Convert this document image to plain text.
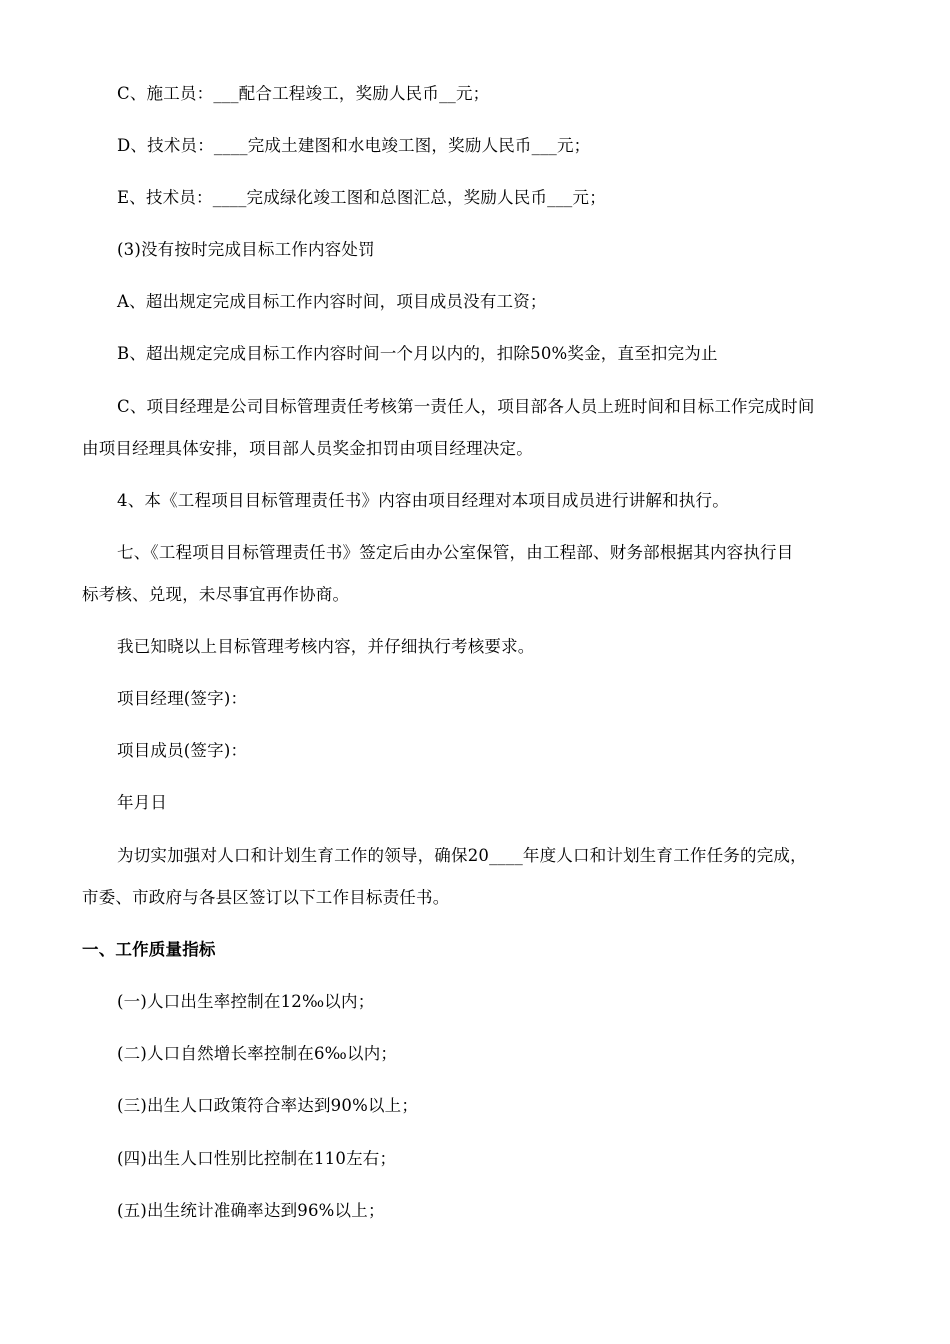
C、施工员：___配合工程竣工，奖励人民币__元；
D、技术员：____完成土建图和水电竣工图，奖励人民币___元；
E、技术员：____完成绿化竣工图和总图汇总，奖励人民币___元；
(3)没有按时完成目标工作内容处罚
A、超出规定完成目标工作内容时间，项目成员没有工资；
B、超出规定完成目标工作内容时间一个月以内的，扣除50%奖金，直至扣完为止
C、项目经理是公司目标管理责任考核第一责任人，项目部各人员上班时间和目标工作完成时间
由项目经理具体安排，项目部人员奖金扣罚由项目经理决定。
4、本《工程项目目标管理责任书》内容由项目经理对本项目成员进行讲解和执行。
七、《工程项目目标管理责任书》签定后由办公室保管，由工程部、财务部根据其内容执行目
标考核、兑现，未尽事宜再作协商。
我已知晓以上目标管理考核内容，并仔细执行考核要求。
项目经理(签字)：
项目成员(签字)：
年月日
为切实加强对人口和计划生育工作的领导，确保20____年度人口和计划生育工作任务的完成，
市委、市政府与各县区签订以下工作目标责任书。
一、工作质量指标
(一)人口出生率控制在12‰以内；
(二)人口自然增长率控制在6‰以内；
(三)出生人口政策符合率达到90%以上；
(四)出生人口性别比控制在110左右；
(五)出生统计准确率达到96%以上；
